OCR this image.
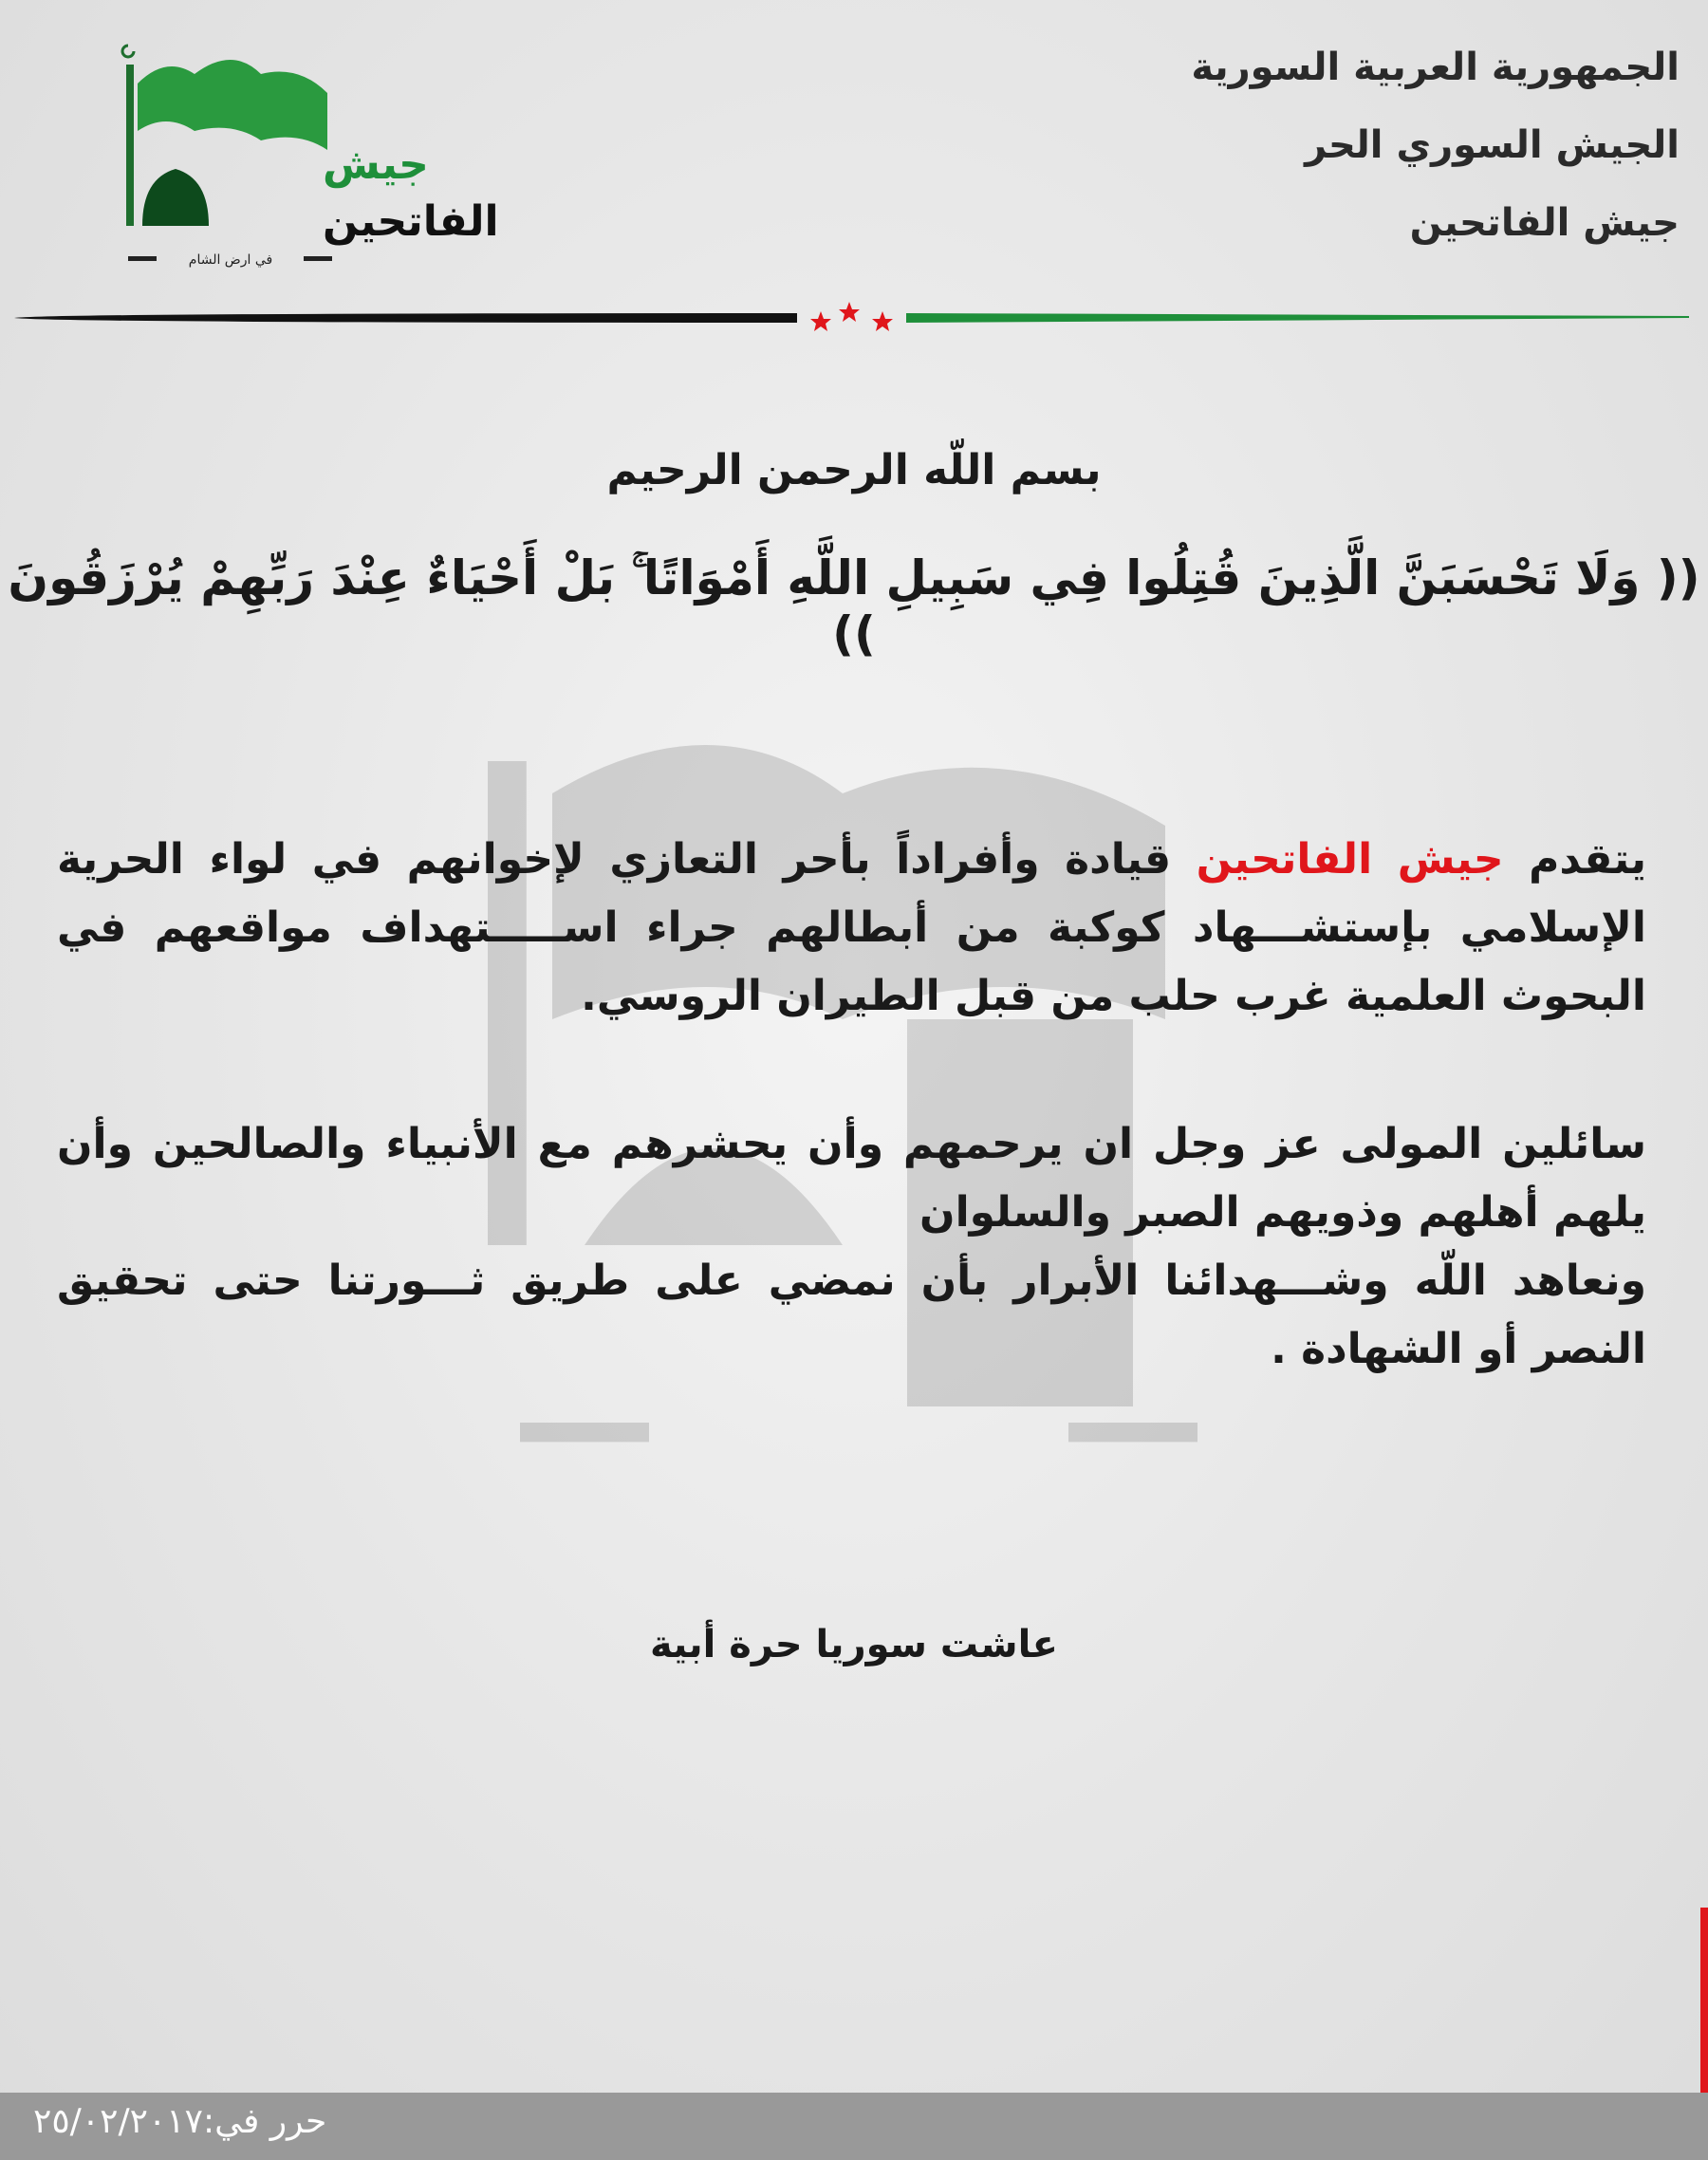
الجمهورية العربية السورية
الجيش السوري الحر
جيش الفاتحين
جيش
الفاتحين
في ارض الشام
بسم اللّه الرحمن الرحيم
(( وَلَا تَحْسَبَنَّ الَّذِينَ قُتِلُوا فِي سَبِيلِ اللَّهِ أَمْوَاتًا ۚ بَلْ أَحْيَاءٌ عِنْدَ رَبِّهِمْ يُرْزَقُونَ ))
يتقدم جيش الفاتحين قيادة وأفراداً بأحر التعازي لإخوانهم في لواء الحرية الإسلامي بإستشـــهاد كوكبة من أبطالهم جراء اســـــتهداف مواقعهم في البحوث العلمية غرب حلب من قبل الطيران الروسي.
سائلين المولى عز وجل ان يرحمهم وأن يحشرهم مع الأنبياء والصالحين وأن يلهم أهلهم وذويهم الصبر والسلوان
ونعاهد اللّه وشـــهدائنا الأبرار بأن نمضي على طريق ثـــورتنا حتى تحقيق النصر أو الشهادة .
عاشت سوريا حرة أبية
حرر في:٢٥/٠٢/٢٠١٧
